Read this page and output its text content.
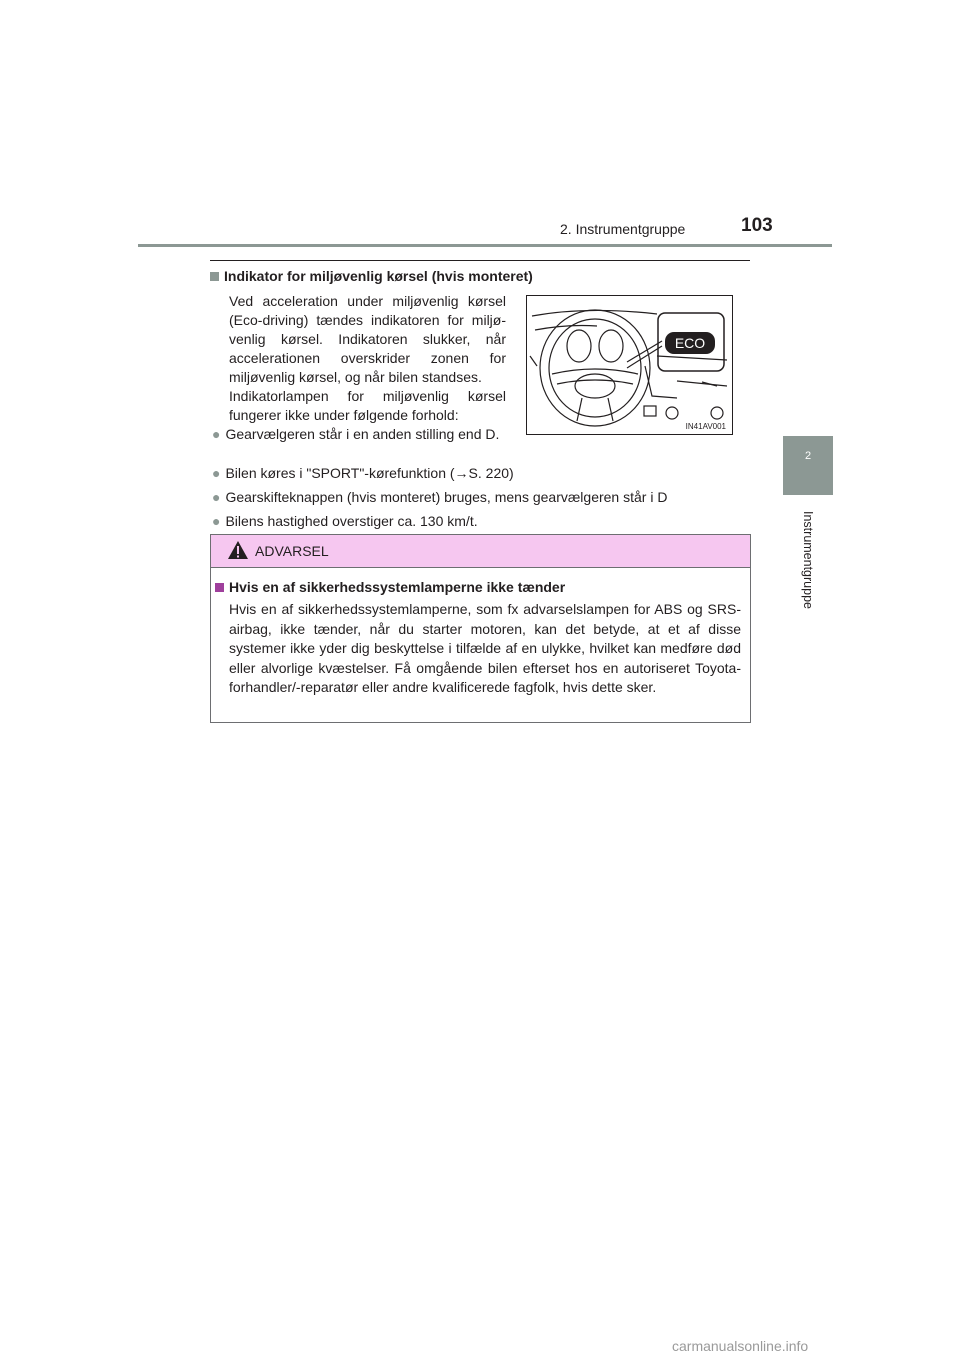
2. Instrumentgruppe	103
2
Instrumentgruppe
Indikator for miljøvenlig kørsel (hvis monteret)
Ved acceleration under miljøvenlig kørsel (Eco-driving) tændes indikatoren for miljø-venlig kørsel. Indikatoren slukker, når accelerationen overskrider zonen for miljøvenlig kørsel, og når bilen standses.
Indikatorlampen for miljøvenlig kørsel fungerer ikke under følgende forhold:
● Gearvælgeren står i en anden stilling end D.
● Bilen køres i "SPORT"-kørefunktion (→S. 220)
● Gearskifteknappen (hvis monteret) bruges, mens gearvælgeren står i D
● Bilens hastighed overstiger ca. 130 km/t.
ECO
IN41AV001
ADVARSEL
Hvis en af sikkerhedssystemlamperne ikke tænder
Hvis en af sikkerhedssystemlamperne, som fx advarselslampen for ABS og SRS-airbag, ikke tænder, når du starter motoren, kan det betyde, at et af disse systemer ikke yder dig beskyttelse i tilfælde af en ulykke, hvilket kan medføre død eller alvorlige kvæstelser. Få omgående bilen efterset hos en autoriseret Toyota-forhandler/-reparatør eller andre kvalificerede fagfolk, hvis dette sker.
carmanualsonline.info
